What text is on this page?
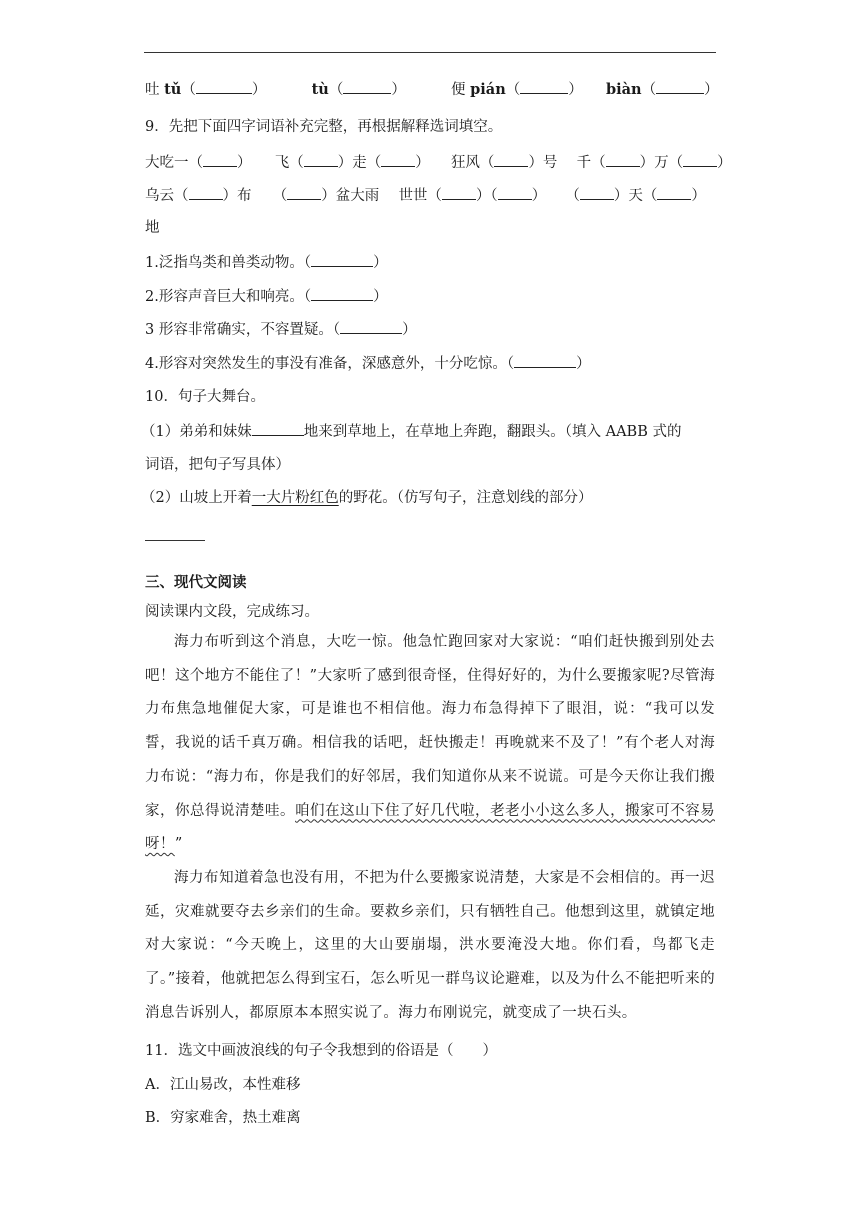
吐 tǔ（	）	tù（	）	便 pián（	） biàn（	）
9．先把下面四字词语补充完整，再根据解释选词填空。
大吃一（ ） 飞（ ）走（ ） 狂风（ ）号 千（ ）万（ ）
乌云（ ）布 （ ）盆大雨 世世（ ）（ ） （ ）天（ ）
地
1.泛指鸟类和兽类动物。（	）
2.形容声音巨大和响亮。（	）
3 形容非常确实，不容置疑。（	）
4.形容对突然发生的事没有准备，深感意外，十分吃惊。（	）
10．句子大舞台。
（1）弟弟和妹妹	地来到草地上，在草地上奔跑，翻跟头。（填入 AABB 式的
词语，把句子写具体）
（2）山坡上开着一大片粉红色的野花。（仿写句子，注意划线的部分）
三、现代文阅读
阅读课内文段，完成练习。

海力布听到这个消息，大吃一惊。他急忙跑回家对大家说：“咱们赶快搬到别处去吧！这个地方不能住了！”大家听了感到很奇怪，住得好好的，为什么要搬家呢?尽管海力布焦急地催促大家，可是谁也不相信他。海力布急得掉下了眼泪，说：“我可以发誓，我说的话千真万确。相信我的话吧，赶快搬走！再晚就来不及了！”有个老人对海力布说：“海力布，你是我们的好邻居，我们知道你从来不说谎。可是今天你让我们搬家，你总得说清楚哇。咱们在这山下住了好几代啦，老老小小这么多人，搬家可不容易呀！”

海力布知道着急也没有用，不把为什么要搬家说清楚，大家是不会相信的。再一迟延，灾难就要夺去乡亲们的生命。要救乡亲们，只有牺牲自己。他想到这里，就镇定地对大家说：“今天晚上，这里的大山要崩塌，洪水要淹没大地。你们看，鸟都飞走了。”接着，他就把怎么得到宝石，怎么听见一群鸟议论避难，以及为什么不能把听来的消息告诉别人，都原原本本照实说了。海力布刚说完，就变成了一块石头。

11．选文中画波浪线的句子令我想到的俗语是（　　）
A．江山易改，本性难移
B．穷家难舍，热土难离
